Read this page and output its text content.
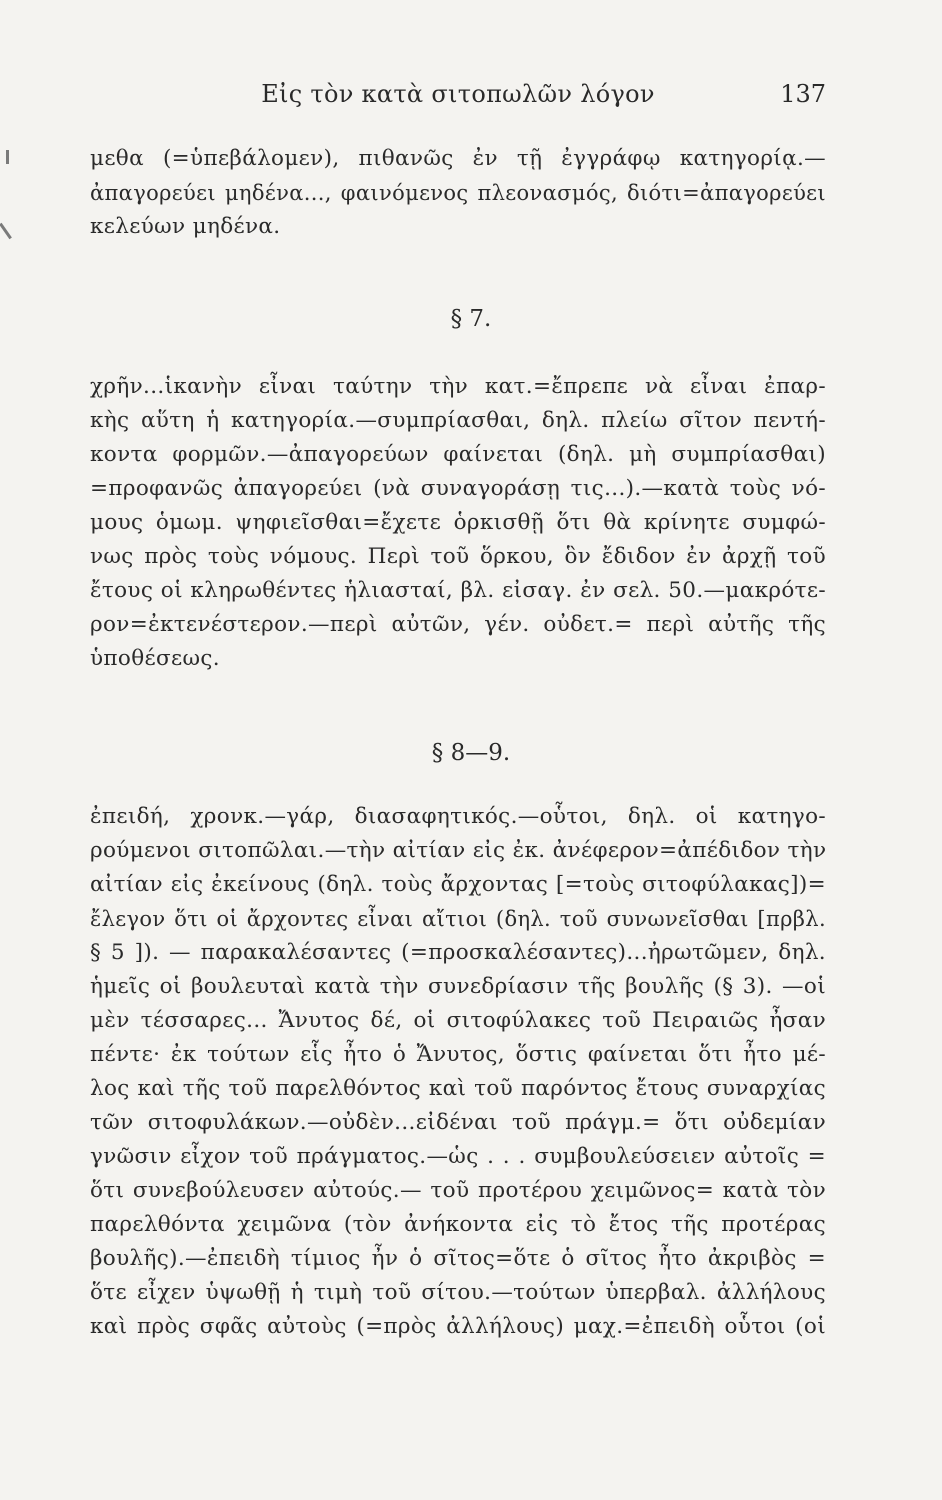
Εἰς τὸν κατὰ σιτοπωλῶν λόγον	137
μεθα (=ὑπεβάλομεν), πιθανῶς ἐν τῇ ἐγγράφῳ κατηγορίᾳ.—
ἀπαγορεύει μηδένα..., φαινόμενος πλεονασμός, διότι=ἀπαγορεύει
κελεύων μηδένα.
§ 7.
χρῆν...ἱκανὴν εἶναι ταύτην τὴν κατ.=ἔπρεπε νὰ εἶναι ἐπαρ-
κὴς αὕτη ἡ κατηγορία.—συμπρίασθαι, δηλ. πλείω σῖτον πεντή-
κοντα φορμῶν.—ἀπαγορεύων φαίνεται (δηλ. μὴ συμπρίασθαι)
=προφανῶς ἀπαγορεύει (νὰ συναγοράσῃ τις...).—κατὰ τοὺς νό-
μους ὁμωμ. ψηφιεῖσθαι=ἔχετε ὁρκισθῇ ὅτι θὰ κρίνητε συμφώ-
νως πρὸς τοὺς νόμους. Περὶ τοῦ ὅρκου, ὃν ἔδιδον ἐν ἀρχῇ τοῦ
ἔτους οἱ κληρωθέντες ἡλιασταί, βλ. εἰσαγ. ἐν σελ. 50.—μακρότε-
ρον=ἐκτενέστερον.—περὶ αὐτῶν, γέν. οὐδετ.= περὶ αὐτῆς τῆς
ὑποθέσεως.
§ 8—9.
ἐπειδή, χρονκ.—γάρ, διασαφητικός.—οὗτοι, δηλ. οἱ κατηγο-
ρούμενοι σιτοπῶλαι.—τὴν αἰτίαν εἰς ἐκ. ἀνέφερον=ἀπέδιδον τὴν
αἰτίαν εἰς ἐκείνους (δηλ. τοὺς ἄρχοντας [=τοὺς σιτοφύλακας])=
ἔλεγον ὅτι οἱ ἄρχοντες εἶναι αἴτιοι (δηλ. τοῦ συνωνεῖσθαι [πρβλ.
§ 5 ]). — παρακαλέσαντες (=προσκαλέσαντες)...ἠρωτῶμεν, δηλ.
ἡμεῖς οἱ βουλευταὶ κατὰ τὴν συνεδρίασιν τῆς βουλῆς (§ 3). —οἱ
μὲν τέσσαρες... Ἄνυτος δέ, οἱ σιτοφύλακες τοῦ Πειραιῶς ἦσαν
πέντε· ἐκ τούτων εἷς ἦτο ὁ Ἄνυτος, ὅστις φαίνεται ὅτι ἦτο μέ-
λος καὶ τῆς τοῦ παρελθόντος καὶ τοῦ παρόντος ἔτους συναρχίας
τῶν σιτοφυλάκων.—οὐδὲν...εἰδέναι τοῦ πράγμ.= ὅτι οὐδεμίαν
γνῶσιν εἶχον τοῦ πράγματος.—ὡς . . . συμβουλεύσειεν αὐτοῖς =
ὅτι συνεβούλευσεν αὐτούς.— τοῦ προτέρου χειμῶνος= κατὰ τὸν
παρελθόντα χειμῶνα (τὸν ἀνήκοντα εἰς τὸ ἔτος τῆς προτέρας
βουλῆς).—ἐπειδὴ τίμιος ἦν ὁ σῖτος=ὅτε ὁ σῖτος ἦτο ἀκριβὸς =
ὅτε εἶχεν ὑψωθῇ ἡ τιμὴ τοῦ σίτου.—τούτων ὑπερβαλ. ἀλλήλους
καὶ πρὸς σφᾶς αὐτοὺς (=πρὸς ἀλλήλους) μαχ.=ἐπειδὴ οὗτοι (οἱ
